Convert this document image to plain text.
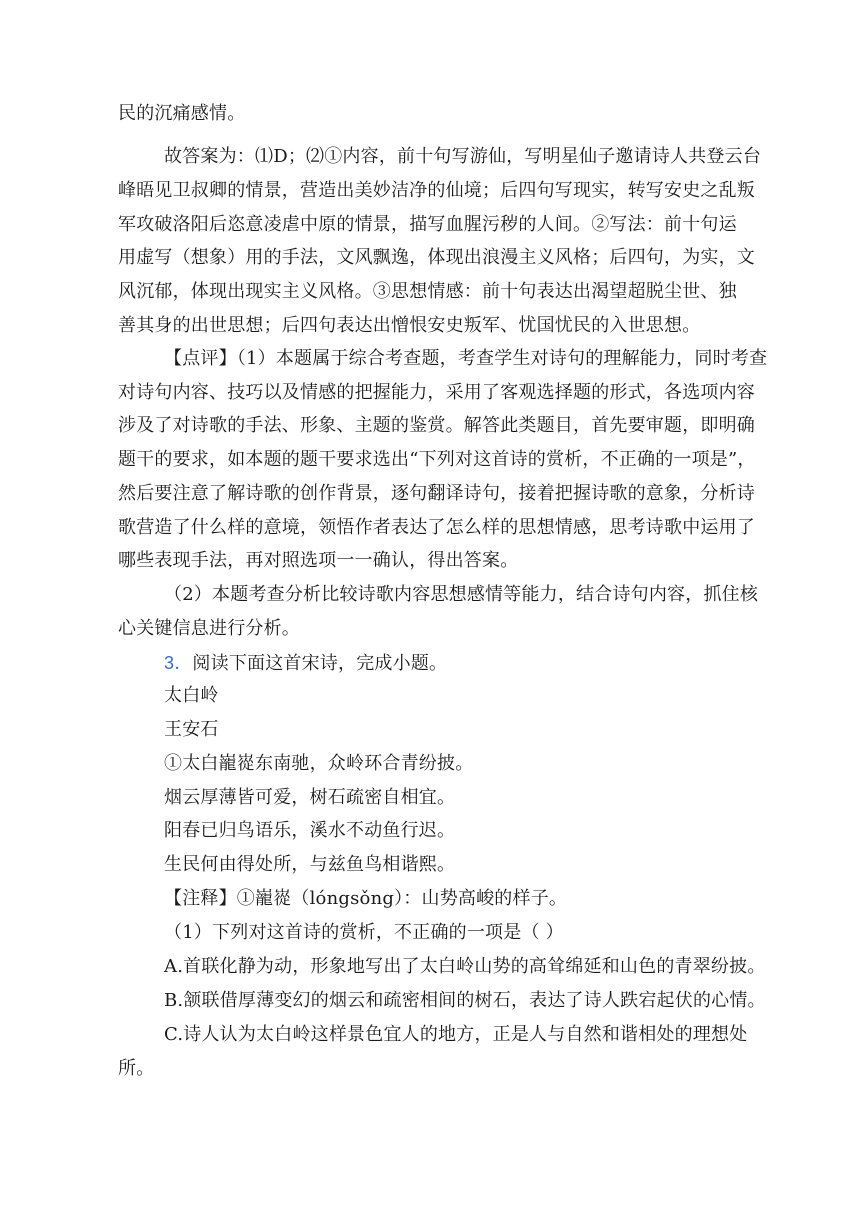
民的沉痛感情。
故答案为：⑴D；⑵①内容，前十句写游仙，写明星仙子邀请诗人共登云台
峰晤见卫叔卿的情景，营造出美妙洁净的仙境；后四句写现实，转写安史之乱叛
军攻破洛阳后恣意凌虐中原的情景，描写血腥污秽的人间。②写法：前十句运
用虚写（想象）用的手法，文风飘逸，体现出浪漫主义风格；后四句，为实，文
风沉郁，体现出现实主义风格。③思想情感：前十句表达出渴望超脱尘世、独
善其身的出世思想；后四句表达出憎恨安史叛军、忧国忧民的入世思想。
【点评】（1）本题属于综合考查题，考查学生对诗句的理解能力，同时考查
对诗句内容、技巧以及情感的把握能力，采用了客观选择题的形式，各选项内容
涉及了对诗歌的手法、形象、主题的鉴赏。解答此类题目，首先要审题，即明确
题干的要求，如本题的题干要求选出“下列对这首诗的赏析，不正确的一项是”，
然后要注意了解诗歌的创作背景，逐句翻译诗句，接着把握诗歌的意象，分析诗
歌营造了什么样的意境，领悟作者表达了怎么样的思想情感，思考诗歌中运用了
哪些表现手法，再对照选项一一确认，得出答案。
（2）本题考查分析比较诗歌内容思想感情等能力，结合诗句内容，抓住核
心关键信息进行分析。
3．阅读下面这首宋诗，完成小题。
太白岭
王安石
①太白巃嵸东南驰，众岭环合青纷披。
烟云厚薄皆可爱，树石疏密自相宜。
阳春已归鸟语乐，溪水不动鱼行迟。
生民何由得处所，与兹鱼鸟相谐熙。
【注释】①巃嵸（lóngsǒng）：山势高峻的样子。
（1）下列对这首诗的赏析，不正确的一项是（ ）
A.首联化静为动，形象地写出了太白岭山势的高耸绵延和山色的青翠纷披。
B.颔联借厚薄变幻的烟云和疏密相间的树石，表达了诗人跌宕起伏的心情。
C.诗人认为太白岭这样景色宜人的地方，正是人与自然和谐相处的理想处
所。
